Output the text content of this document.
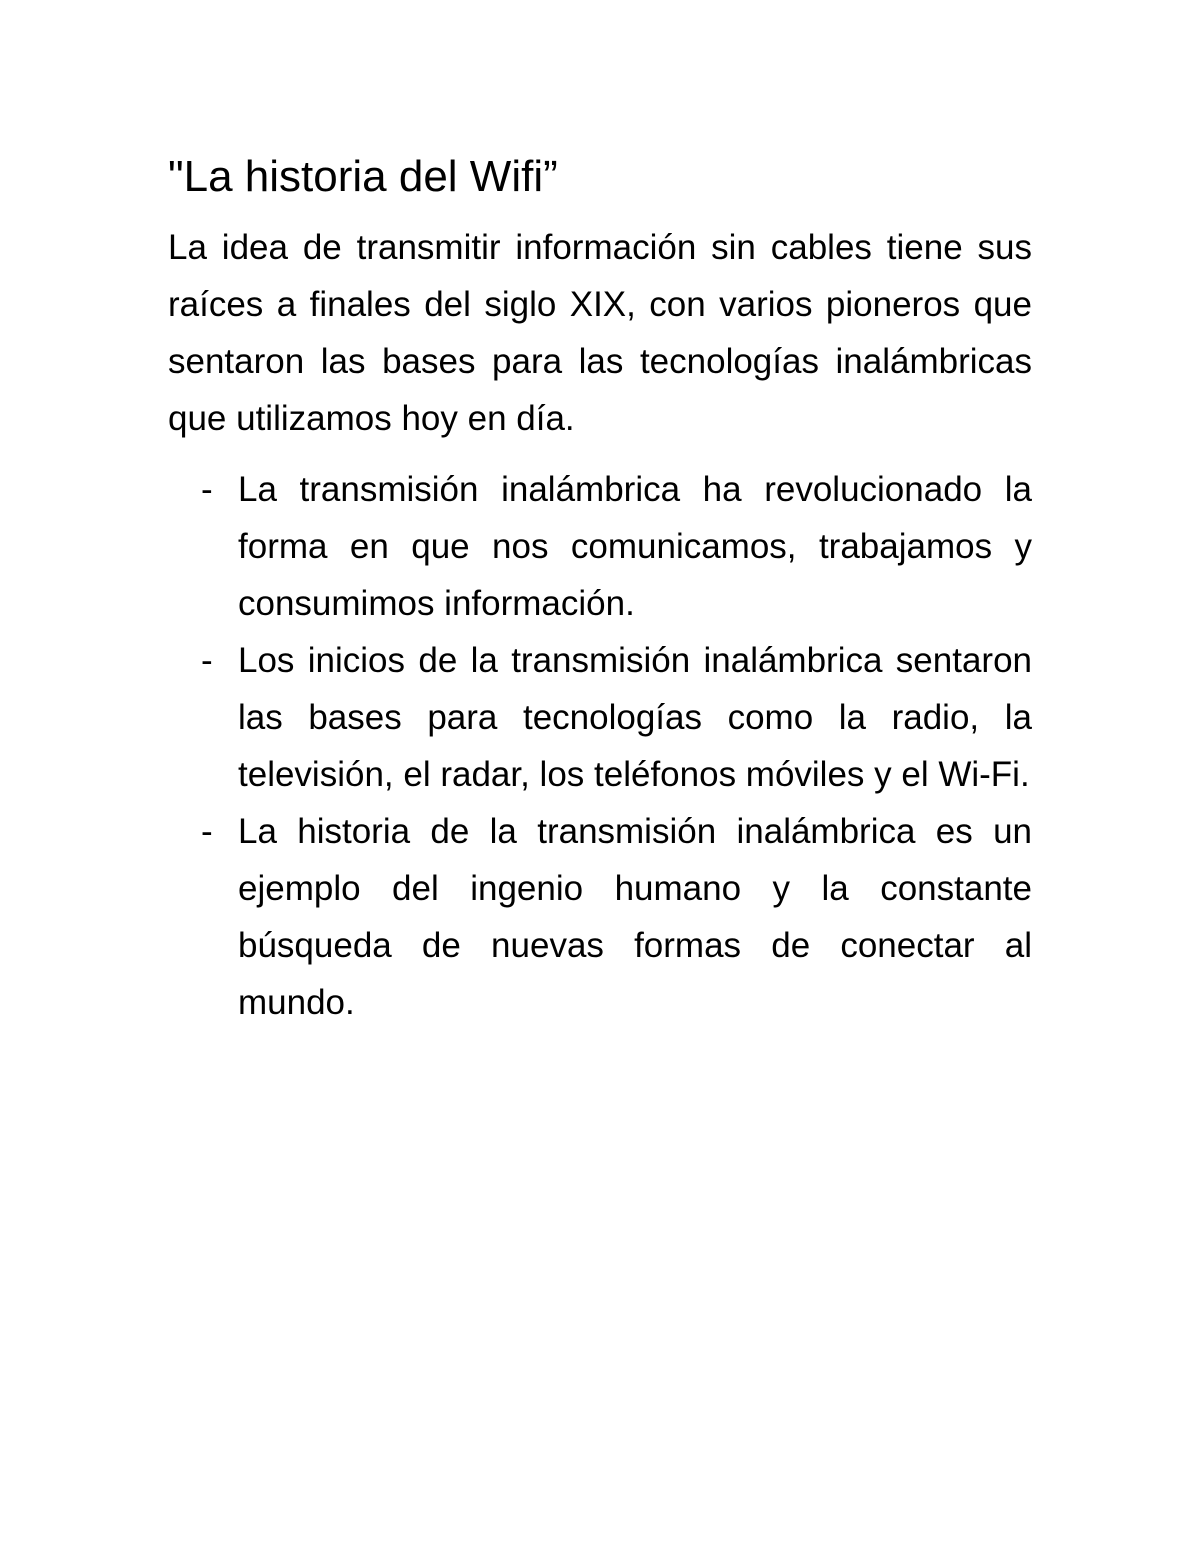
"La historia del Wifi”

La idea de transmitir información sin cables tiene sus raíces a finales del siglo XIX, con varios pioneros que sentaron las bases para las tecnologías inalámbricas que utilizamos hoy en día.

- La transmisión inalámbrica ha revolucionado la forma en que nos comunicamos, trabajamos y consumimos información.
- Los inicios de la transmisión inalámbrica sentaron las bases para tecnologías como la radio, la televisión, el radar, los teléfonos móviles y el Wi-Fi.
- La historia de la transmisión inalámbrica es un ejemplo del ingenio humano y la constante búsqueda de nuevas formas de conectar al mundo.
